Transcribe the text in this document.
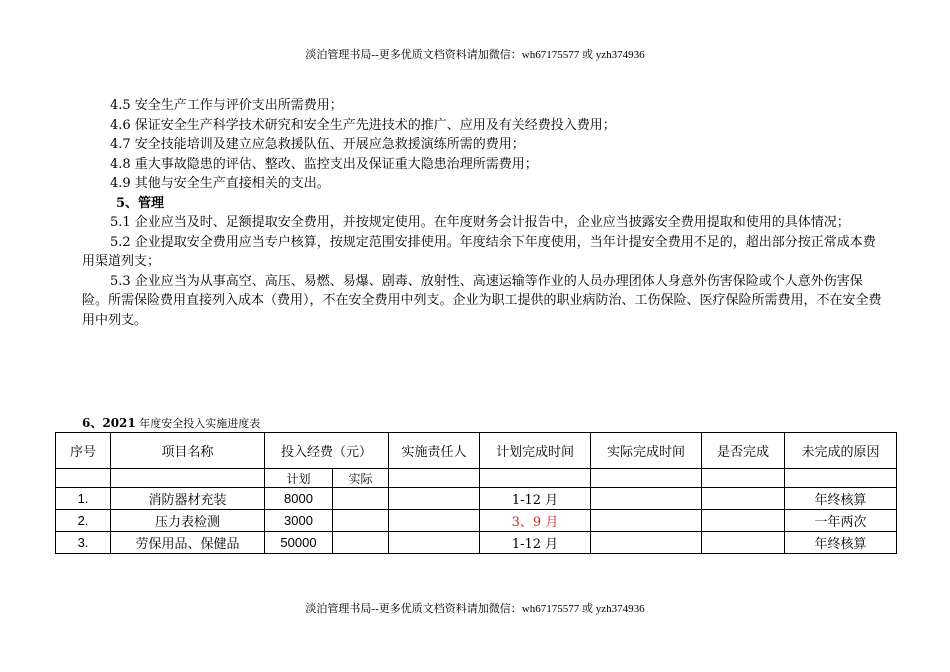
淡泊管理书局--更多优质文档资料请加微信：wh67175577 或 yzh374936

4.5 安全生产工作与评价支出所需费用；

4.6 保证安全生产科学技术研究和安全生产先进技术的推广、应用及有关经费投入费用；

4.7 安全技能培训及建立应急救援队伍、开展应急救援演练所需的费用；

4.8 重大事故隐患的评估、整改、监控支出及保证重大隐患治理所需费用；

4.9 其他与安全生产直接相关的支出。

5、管理

5.1 企业应当及时、足额提取安全费用，并按规定使用。在年度财务会计报告中，企业应当披露安全费用提取和使用的具体情况；

5.2 企业提取安全费用应当专户核算，按规定范围安排使用。年度结余下年度使用，当年计提安全费用不足的，超出部分按正常成本费用渠道列支；

5.3 企业应当为从事高空、高压、易燃、易爆、剧毒、放射性、高速运输等作业的人员办理团体人身意外伤害保险或个人意外伤害保险。所需保险费用直接列入成本（费用），不在安全费用中列支。企业为职工提供的职业病防治、工伤保险、医疗保险所需费用，不在安全费用中列支。

6、2021 年度安全投入实施进度表
序号	项目名称	投入经费（元）		实施责任人	计划完成时间	实际完成时间	是否完成	未完成的原因
		计划	实际					
1.	消防器材充装	8000			1-12 月			年终核算
2.	压力表检测	3000			3、9 月			一年两次
3.	劳保用品、保健品	50000			1-12 月			年终核算
淡泊管理书局--更多优质文档资料请加微信：wh67175577 或 yzh374936
